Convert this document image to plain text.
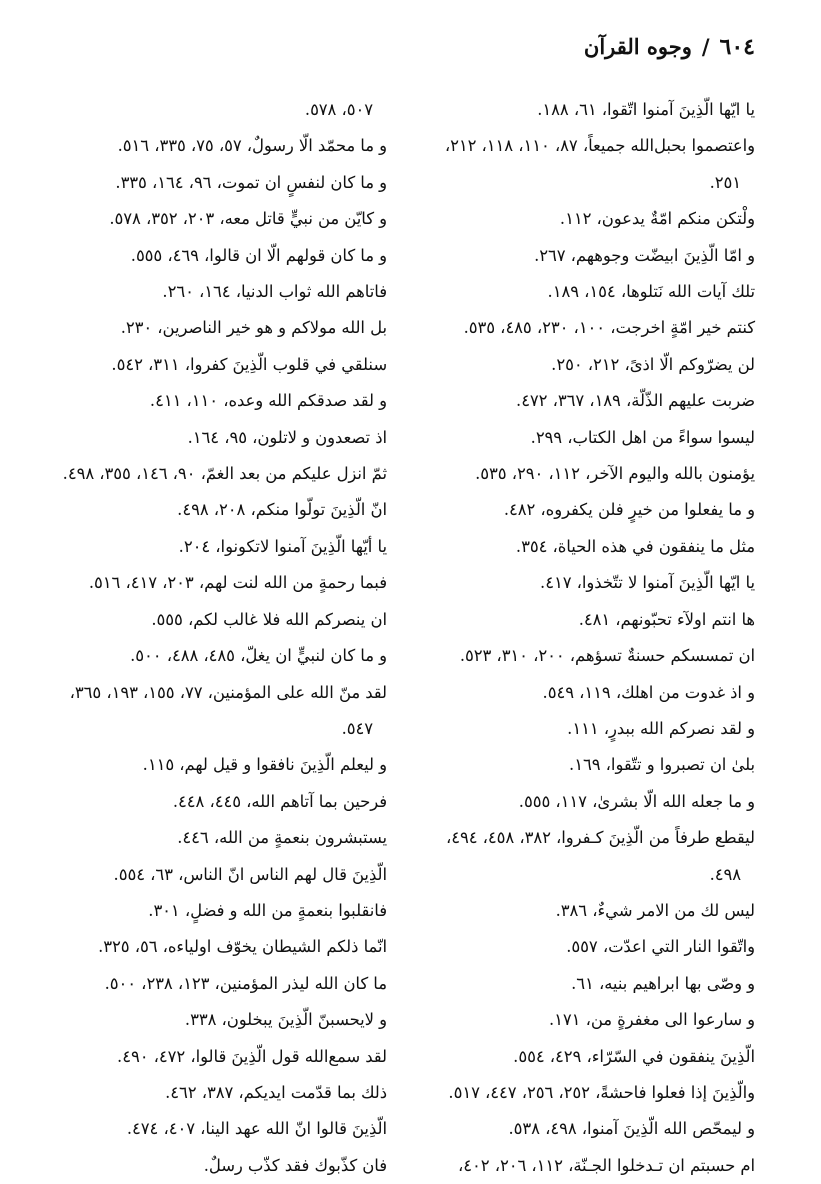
٦٠٤
/
وجوه القرآن
يا ايّها الّذِينَ آمنوا اتّقوا، ٦١، ١٨٨.
واعتصموا بحبل‌الله جميعاً، ٨٧، ١١٠، ١١٨، ٢١٢،
٢٥١.
ولْتكن منكم امّةٌ يدعون، ١١٢.
و امّا الّذِينَ ابيضّت وجوههم، ٢٦٧.
تلك آيات الله نَتلوها، ١٥٤، ١٨٩.
كنتم خير امّةٍ اخرجت، ١٠٠، ٢٣٠، ٤٨٥، ٥٣٥.
لن يضرّوكم الّا اذىً، ٢١٢، ٢٥٠.
ضربت عليهم الذّلّة، ١٨٩، ٣٦٧، ٤٧٢.
ليسوا سواءً من اهل الكتاب، ٢٩٩.
يؤمنون بالله واليوم الآخر، ١١٢، ٢٩٠، ٥٣٥.
و ما يفعلوا من خيرٍ فلن يكفروه، ٤٨٢.
مثل ما ينفقون في هذه الحياة، ٣٥٤.
يا ايّها الّذِينَ آمنوا لا تتّخذوا، ٤١٧.
ها انتم اولآء تحبّونهم، ٤٨١.
ان تمسسكم حسنةٌ تسؤهم، ٢٠٠، ٣١٠، ٥٢٣.
و اذ غدوت من اهلك، ١١٩، ٥٤٩.
و لقد نصركم الله ببدرٍ، ١١١.
بلىٰ ان تصبروا و تتّقوا، ١٦٩.
و ما جعله الله الّا بشرىٰ، ١١٧، ٥٥٥.
ليقطع طرفاً من الّذِينَ كـفروا، ٣٨٢، ٤٥٨، ٤٩٤،
٤٩٨.
ليس لك من الامر شيءٌ، ٣٨٦.
واتّقوا النار التي اعدّت، ٥٥٧.
و وصّى بها ابراهيم بنيه، ٦١.
و سارعوا الى مغفرةٍ من، ١٧١.
الّذِينَ ينفقون في السّرّاء، ٤٢٩، ٥٥٤.
والّذِينَ إذا فعلوا فاحشةً، ٢٥٢، ٢٥٦، ٤٤٧، ٥١٧.
و ليمحّص الله الّذِينَ آمنوا، ٤٩٨، ٥٣٨.
ام حسبتم ان تـدخلوا الجـنّة، ١١٢، ٢٠٦، ٤٠٢،
٥٠٧، ٥٧٨.
و ما محمّد الّا رسولٌ، ٥٧، ٧٥، ٣٣٥، ٥١٦.
و ما كان لنفسٍ ان تموت، ٩٦، ١٦٤، ٣٣٥.
و كايّن من نبيٍّ قاتل معه، ٢٠٣، ٣٥٢، ٥٧٨.
و ما كان قولهم الّا ان قالوا، ٤٦٩، ٥٥٥.
فاتاهم الله ثواب الدنيا، ١٦٤، ٢٦٠.
بل الله مولاكم و هو خير الناصرين، ٢٣٠.
سنلقي في قلوب الّذِينَ كفروا، ٣١١، ٥٤٢.
و لقد صدقكم الله وعده، ١١٠، ٤١١.
اذ تصعدون و لاتلون، ٩٥، ١٦٤.
ثمّ انزل عليكم من بعد الغمّ، ٩٠، ١٤٦، ٣٥٥، ٤٩٨.
انّ الّذِينَ تولّوا منكم، ٢٠٨، ٤٩٨.
يا أيّها الّذِينَ آمنوا لاتكونوا، ٢٠٤.
فبما رحمةٍ من الله لنت لهم، ٢٠٣، ٤١٧، ٥١٦.
ان ينصركم الله فلا غالب لكم، ٥٥٥.
و ما كان لنبيٍّ ان يغلّ، ٤٨٥، ٤٨٨، ٥٠٠.
لقد منّ الله على المؤمنين، ٧٧، ١٥٥، ١٩٣، ٣٦٥،
٥٤٧.
و ليعلم الّذِينَ نافقوا و قيل لهم، ١١٥.
فرحين بما آتاهم الله، ٤٤٥، ٤٤٨.
يستبشرون بنعمةٍ من الله، ٤٤٦.
الّذِينَ قال لهم الناس انّ الناس، ٦٣، ٥٥٤.
فانقلبوا بنعمةٍ من الله و فضلٍ، ٣٠١.
انّما ذلكم الشيطان يخوّف اولياءه، ٥٦، ٣٢٥.
ما كان الله ليذر المؤمنين، ١٢٣، ٢٣٨، ٥٠٠.
و لايحسبنّ الّذِينَ يبخلون، ٣٣٨.
لقد سمع‌الله قول الّذِينَ قالوا، ٤٧٢، ٤٩٠.
ذلك بما قدّمت ايديكم، ٣٨٧، ٤٦٢.
الّذِينَ قالوا انّ الله عهد الينا، ٤٠٧، ٤٧٤.
فان كذّبوك فقد كذّب رسلٌ.
